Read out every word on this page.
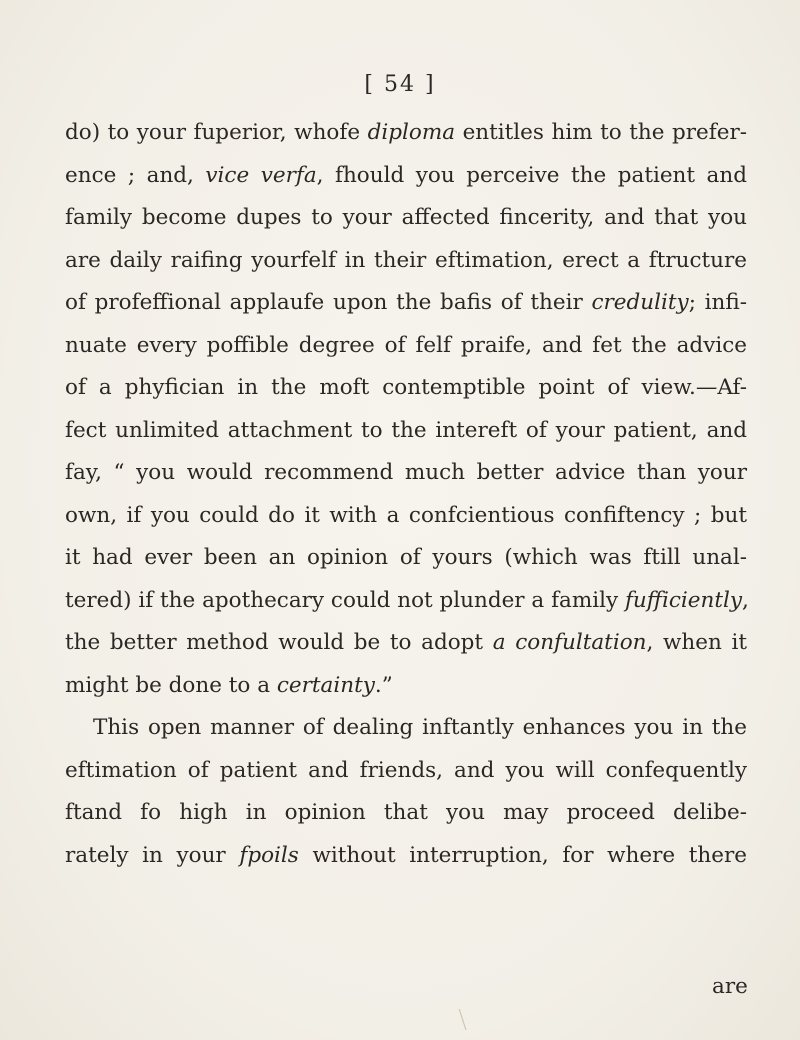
[ 54 ]
do) to your fuperior, whofe diploma entitles him to the prefer-
ence ; and, vice verfa, fhould you perceive the patient and
family become dupes to your affected fincerity, and that you
are daily raifing yourfelf in their eftimation, erect a ftructure
of profeffional applaufe upon the bafis of their credulity; infi-
nuate every poffible degree of felf praife, and fet the advice
of a phyfician in the moft contemptible point of view.—Af-
fect unlimited attachment to the intereft of your patient, and
fay, “ you would recommend much better advice than your
own, if you could do it with a confcientious confiftency ; but
it had ever been an opinion of yours (which was ftill unal-
tered) if the apothecary could not plunder a family fufficiently,
the better method would be to adopt a confultation, when it
might be done to a certainty.”
This open manner of dealing inftantly enhances you in the
eftimation of patient and friends, and you will confequently
ftand fo high in opinion that you may proceed delibe-
rately in your fpoils without interruption, for where there
are
